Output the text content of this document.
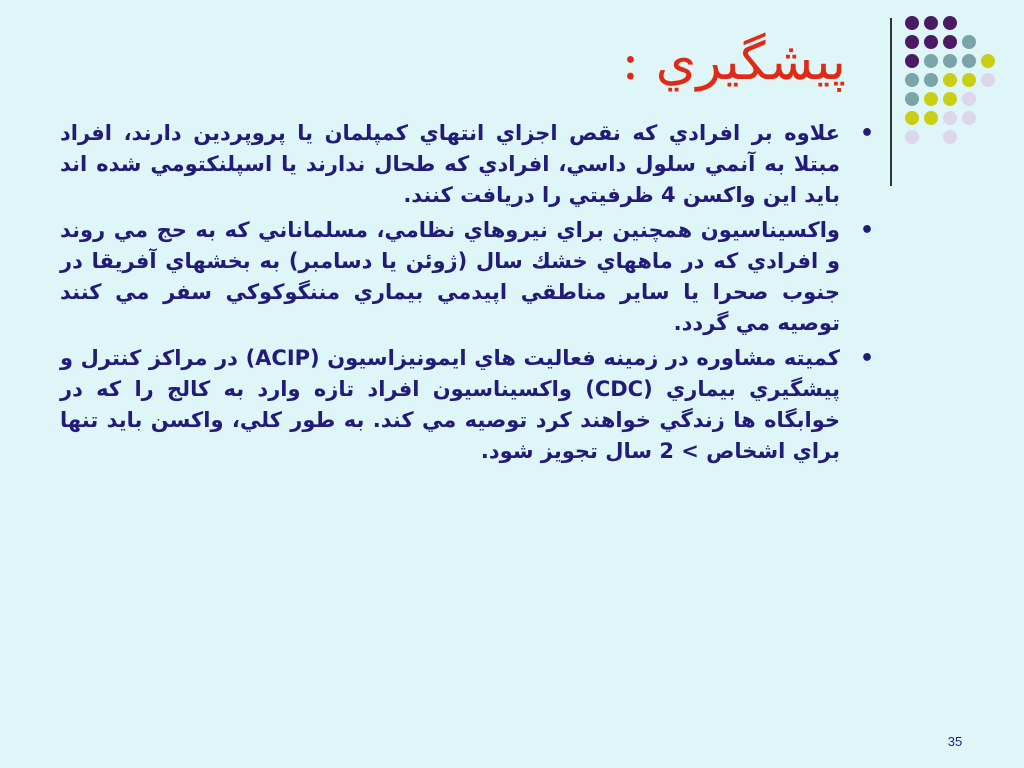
پيشگيري :
•
علاوه بر افرادي كه نقص اجزاي انتهاي كمپلمان يا پروپردين دارند، افراد مبتلا به آنمي سلول داسي، افرادي كه طحال ندارند يا اسپلنكتومي شده اند بايد اين واكسن 4 ظرفيتي را دريافت كنند.
•
واكسيناسيون همچنين براي نيروهاي نظامي، مسلماناني كه به حج مي روند و افرادي كه در ماههاي خشك سال (ژوئن يا دسامبر) به بخشهاي آفريقا در جنوب صحرا يا ساير مناطقي اپيدمي بيماري مننگوكوكي سفر مي كنند توصيه مي گردد.
•
كميته مشاوره در زمينه فعاليت هاي ايمونيزاسيون (ACIP) در مراكز كنترل و پيشگيري بيماري (CDC) واكسيناسيون افراد تازه وارد به كالج را كه در خوابگاه ها زندگي خواهند كرد توصيه مي كند. به طور كلي، واكسن بايد تنها براي اشخاص > 2 سال تجويز شود.
35
